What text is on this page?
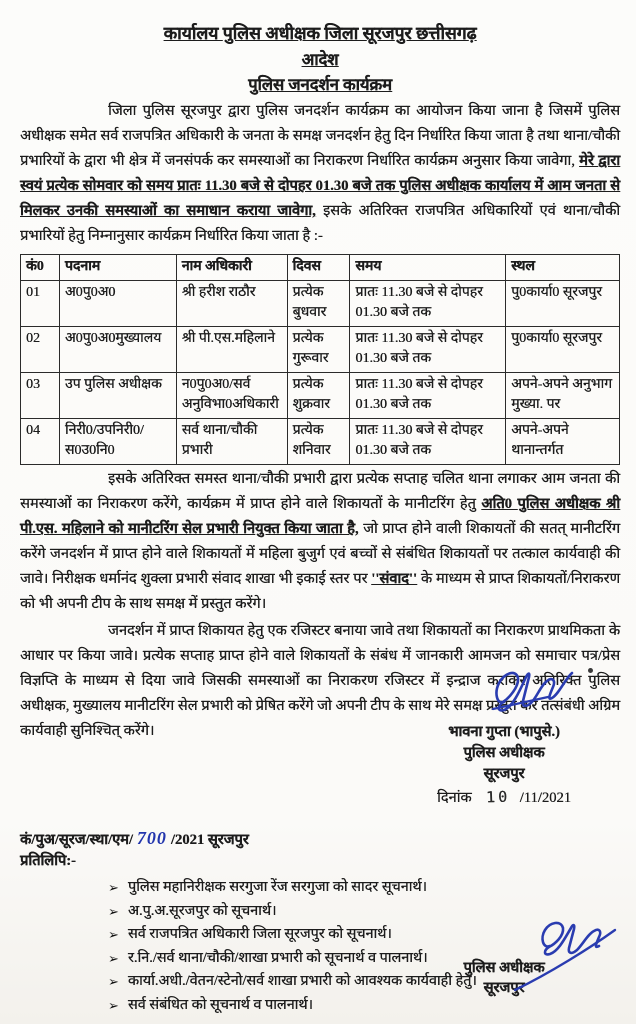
कार्यालय पुलिस अधीक्षक जिला सूरजपुर छत्तीसगढ़
आदेश
पुलिस जनदर्शन कार्यक्रम

जिला पुलिस सूरजपुर द्वारा पुलिस जनदर्शन कार्यक्रम का आयोजन किया जाना है जिसमें पुलिस अधीक्षक समेत सर्व राजपत्रित अधिकारी के जनता के समक्ष जनदर्शन हेतु दिन निर्धारित किया जाता है तथा थाना/चौकी प्रभारियों के द्वारा भी क्षेत्र में जनसंपर्क कर समस्याओं का निराकरण निर्धारित कार्यक्रम अनुसार किया जावेगा, मेरे द्वारा स्वयं प्रत्येक सोमवार को समय प्रातः 11.30 बजे से दोपहर 01.30 बजे तक पुलिस अधीक्षक कार्यालय में आम जनता से मिलकर उनकी समस्याओं का समाधान कराया जावेगा, इसके अतिरिक्त राजपत्रित अधिकारियों एवं थाना/चौकी प्रभारियों हेतु निम्नानुसार कार्यक्रम निर्धारित किया जाता है :-

कं0	पदनाम	नाम अधिकारी	दिवस	समय	स्थल
01	अ0पु0अ0	श्री हरीश राठौर	प्रत्येक बुधवार	प्रातः 11.30 बजे से दोपहर 01.30 बजे तक	पु0कार्या0 सूरजपुर
02	अ0पु0अ0मुख्यालय	श्री पी.एस.महिलाने	प्रत्येक गुरूवार	प्रातः 11.30 बजे से दोपहर 01.30 बजे तक	पु0कार्या0 सूरजपुर
03	उप पुलिस अधीक्षक	न0पु0अ0/सर्व अनुविभा0अधिकारी	प्रत्येक शुक्रवार	प्रातः 11.30 बजे से दोपहर 01.30 बजे तक	अपने-अपने अनुभाग मुख्या. पर
04	निरी0/उपनिरी0/ स0उ0नि0	सर्व थाना/चौकी प्रभारी	प्रत्येक शनिवार	प्रातः 11.30 बजे से दोपहर 01.30 बजे तक	अपने-अपने थानान्तर्गत

इसके अतिरिक्त समस्त थाना/चौकी प्रभारी द्वारा प्रत्येक सप्ताह चलित थाना लगाकर आम जनता की समस्याओं का निराकरण करेंगे, कार्यक्रम में प्राप्त होने वाले शिकायतों के मानीटरिंग हेतु अति0 पुलिस अधीक्षक श्री पी.एस. महिलाने को मानीटरिंग सेल प्रभारी नियुक्त किया जाता है, जो प्राप्त होने वाली शिकायतों की सतत् मानीटरिंग करेंगे जनदर्शन में प्राप्त होने वाले शिकायतों में महिला बुजुर्ग एवं बच्चों से संबंधित शिकायतों पर तत्काल कार्यवाही की जावे। निरीक्षक धर्मानंद शुक्ला प्रभारी संवाद शाखा भी इकाई स्तर पर ''संवाद'' के माध्यम से प्राप्त शिकायतों/निराकरण को भी अपनी टीप के साथ समक्ष में प्रस्तुत करेंगे।

जनदर्शन में प्राप्त शिकायत हेतु एक रजिस्टर बनाया जावे तथा शिकायतों का निराकरण प्राथमिकता के आधार पर किया जावे। प्रत्येक सप्ताह प्राप्त होने वाले शिकायतों के संबंध में जानकारी आमजन को समाचार पत्र/प्रेस विज्ञप्ति के माध्यम से दिया जावे जिसकी समस्याओं का निराकरण रजिस्टर में इन्द्राज कराकर अतिरिक्त पुलिस अधीक्षक, मुख्यालय मानीटरिंग सेल प्रभारी को प्रेषित करेंगे जो अपनी टीप के साथ मेरे समक्ष प्रस्तुत कर तत्संबंधी अग्रिम कार्यवाही सुनिश्चित् करेंगे।	भावना गुप्ता (भापुसे.)
पुलिस अधीक्षक
सूरजपुर
दिनांक 10 /11/2021
कं/पुअ/सूरज/स्था/एम/ 700 /2021 सूरजपुर
प्रतिलिपि:-
➢ पुलिस महानिरीक्षक सरगुजा रेंज सरगुजा को सादर सूचनार्थ।
➢ अ.पु.अ.सूरजपुर को सूचनार्थ।
➢ सर्व राजपत्रित अधिकारी जिला सूरजपुर को सूचनार्थ।
➢ र.नि./सर्व थाना/चौकी/शाखा प्रभारी को सूचनार्थ व पालनार्थ।
➢ कार्या.अधी./वेतन/स्टेनो/सर्व शाखा प्रभारी को आवश्यक कार्यवाही हेतु।
➢ सर्व संबंधित को सूचनार्थ व पालनार्थ।
पुलिस अधीक्षक
सूरजपुर
